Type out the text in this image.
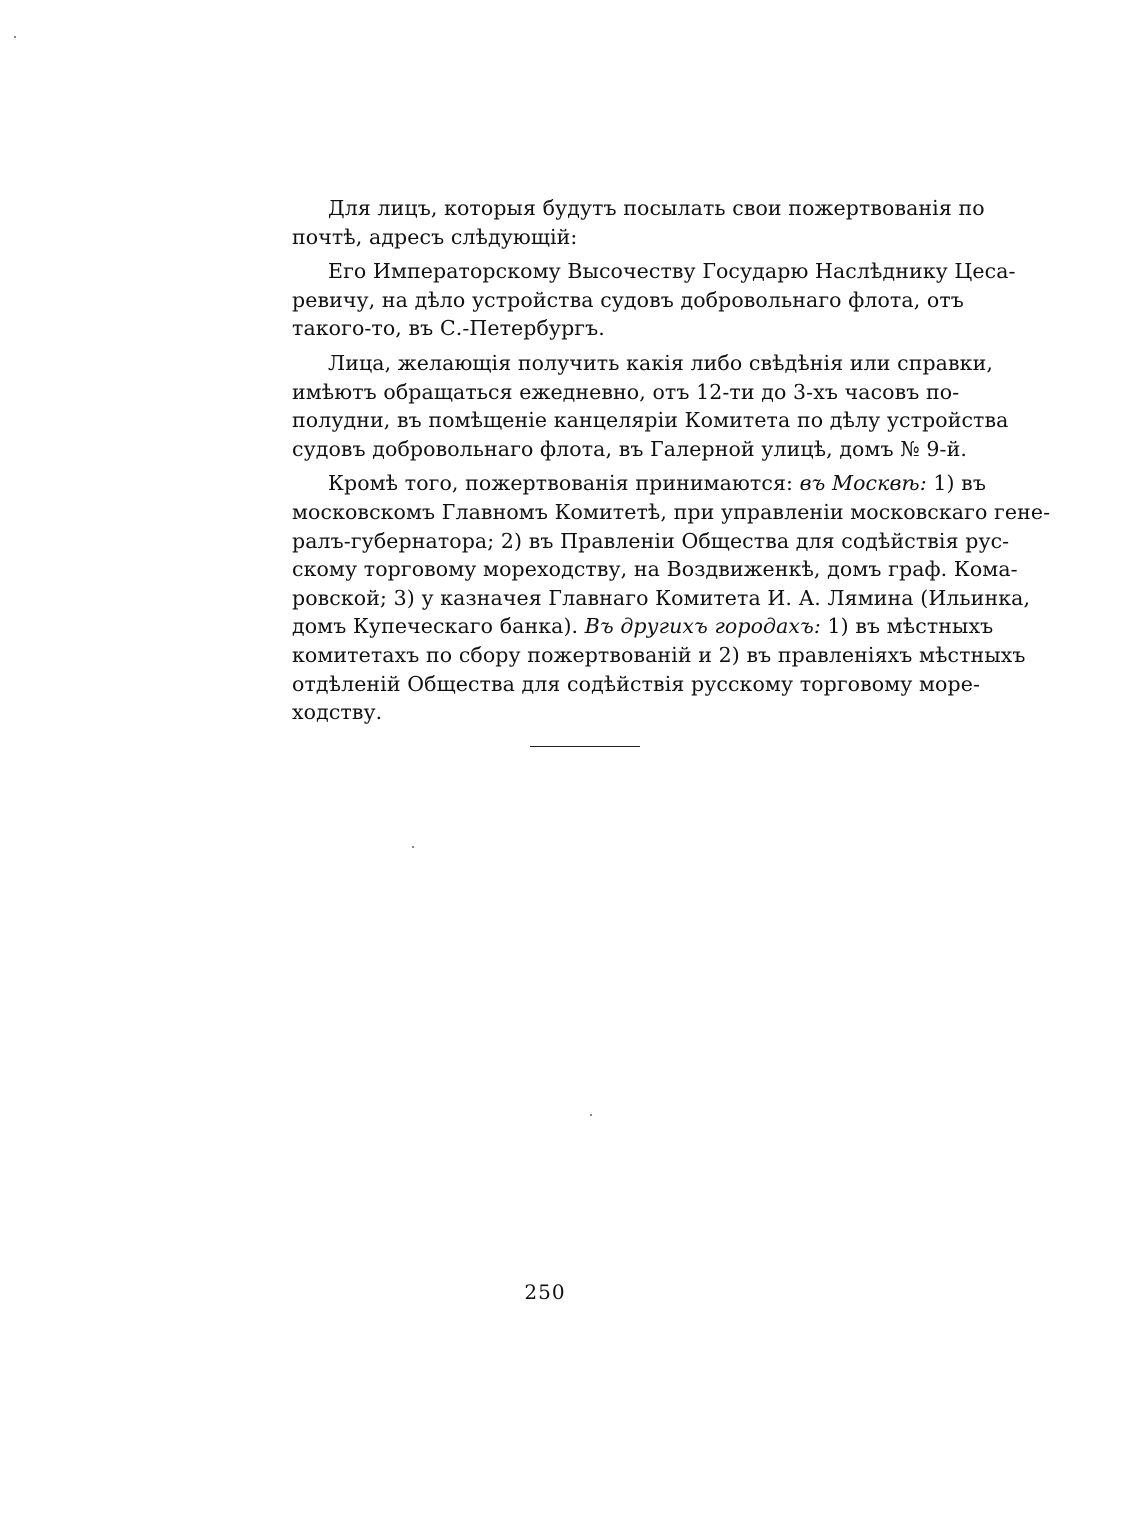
Для лицъ, которыя будутъ посылать свои пожертвованія по
почтѣ, адресъ слѣдующій:

Его Императорскому Высочеству Государю Наслѣднику Цеса-
ревичу, на дѣло устройства судовъ добровольнаго флота, отъ
такого-то, въ С.-Петербургъ.

Лица, желающія получить какія либо свѣдѣнія или справки,
имѣютъ обращаться ежедневно, отъ 12-ти до 3-хъ часовъ по-
полудни, въ помѣщеніе канцеляріи Комитета по дѣлу устройства
судовъ добровольнаго флота, въ Галерной улицѣ, домъ № 9-й.

Кромѣ того, пожертвованія принимаются: въ Москвѣ: 1) въ
московскомъ Главномъ Комитетѣ, при управленіи московскаго гене-
ралъ-губернатора; 2) въ Правленіи Общества для содѣйствія рус-
скому торговому мореходству, на Воздвиженкѣ, домъ граф. Кома-
ровской; 3) у казначея Главнаго Комитета И. А. Лямина (Ильинка,
домъ Купеческаго банка). Въ другихъ городахъ: 1) въ мѣстныхъ
комитетахъ по сбору пожертвованій и 2) въ правленіяхъ мѣстныхъ
отдѣленій Общества для содѣйствія русскому торговому море-
ходству.

250
